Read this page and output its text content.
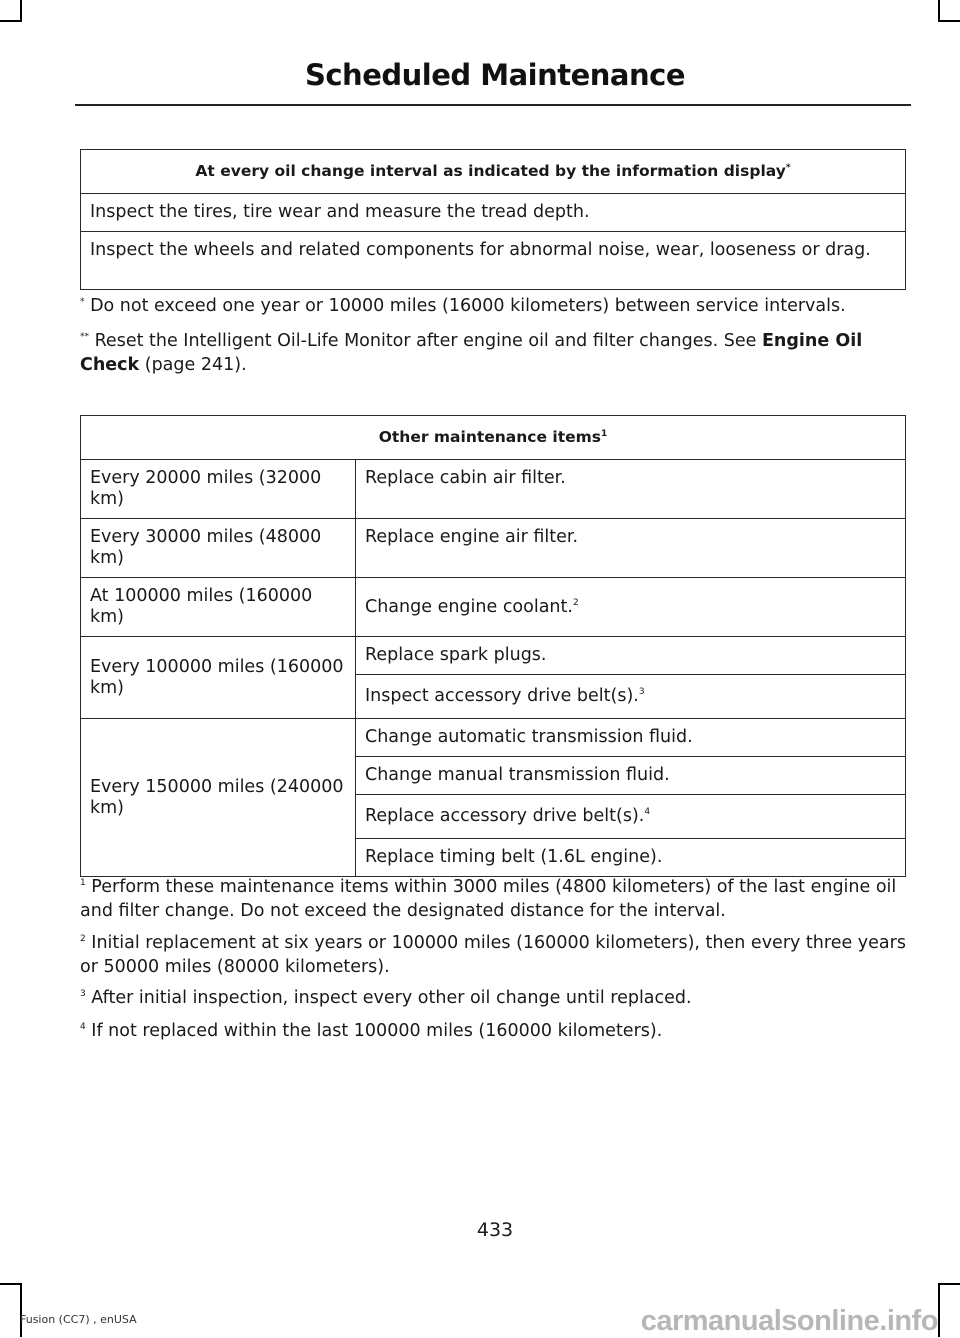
Scheduled Maintenance
At every oil change interval as indicated by the information display*
Inspect the tires, tire wear and measure the tread depth.
Inspect the wheels and related components for abnormal noise, wear, looseness or drag.
* Do not exceed one year or 10000 miles (16000 kilometers) between service intervals.
** Reset the Intelligent Oil-Life Monitor after engine oil and filter changes. See Engine Oil Check (page 241).
Other maintenance items$^1$
Every 20000 miles (32000 km)	Replace cabin air filter.
Every 30000 miles (48000 km)	Replace engine air filter.
At 100000 miles (160000 km)	Change engine coolant.$^2$
Every 100000 miles (160000 km)	Replace spark plugs.
	Inspect accessory drive belt(s).$^3$
Every 150000 miles (240000 km)	Change automatic transmission fluid.
	Change manual transmission fluid.
	Replace accessory drive belt(s).$^4$
	Replace timing belt (1.6L engine).
$^1$ Perform these maintenance items within 3000 miles (4800 kilometers) of the last engine oil and filter change. Do not exceed the designated distance for the interval.
$^2$ Initial replacement at six years or 100000 miles (160000 kilometers), then every three years or 50000 miles (80000 kilometers).
$^3$ After initial inspection, inspect every other oil change until replaced.
$^4$ If not replaced within the last 100000 miles (160000 kilometers).
433
Fusion (CC7) , enUSA	carmanualsonline.info
